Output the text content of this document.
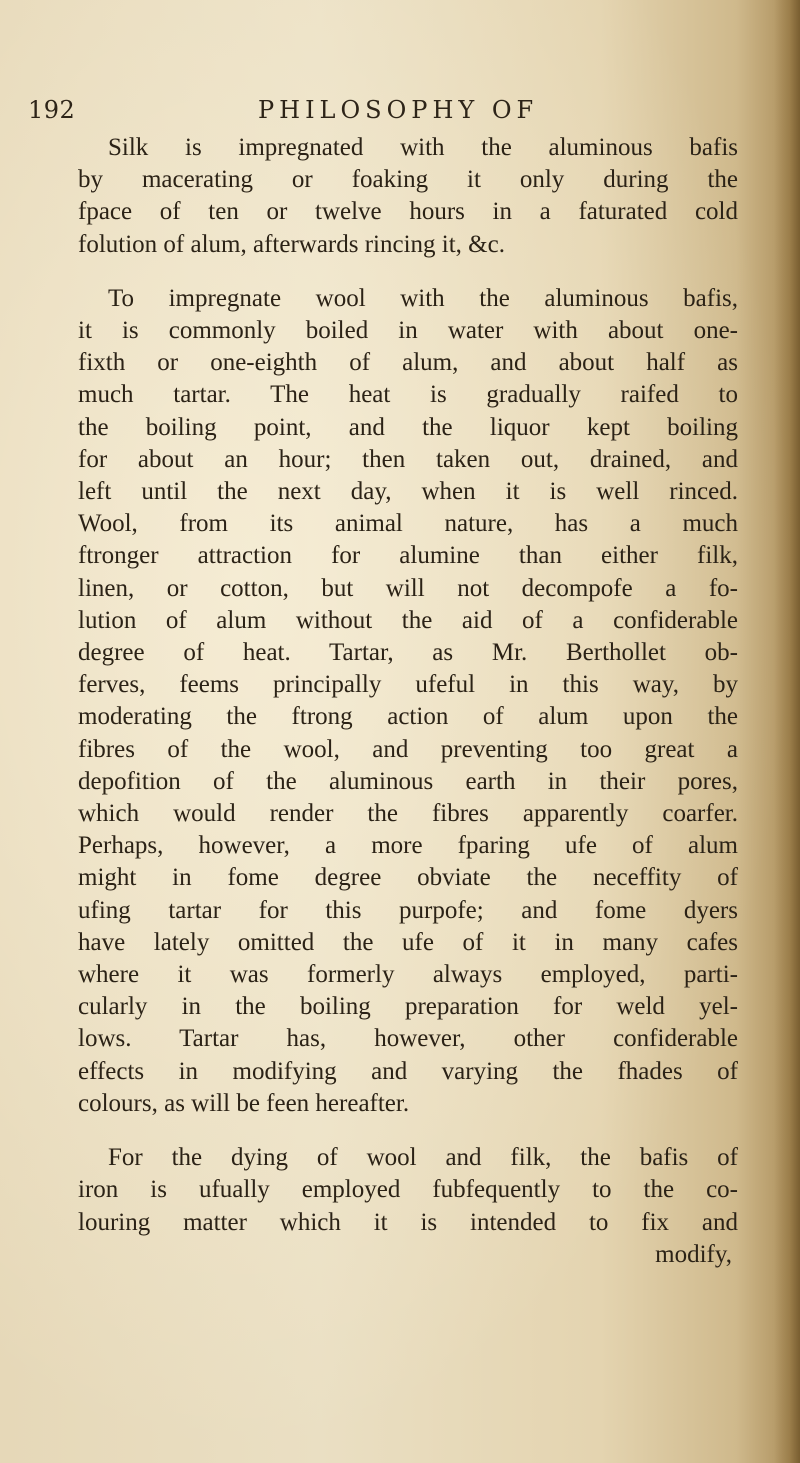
192	PHILOSOPHY OF
Silk is impregnated with the aluminous bafis
by macerating or foaking it only during the
fpace of ten or twelve hours in a faturated cold
folution of alum, afterwards rincing it, &c.
To impregnate wool with the aluminous bafis,
it is commonly boiled in water with about one-
fixth or one-eighth of alum, and about half as
much tartar. The heat is gradually raifed to
the boiling point, and the liquor kept boiling
for about an hour; then taken out, drained, and
left until the next day, when it is well rinced.
Wool, from its animal nature, has a much
ftronger attraction for alumine than either filk,
linen, or cotton, but will not decompofe a fo-
lution of alum without the aid of a confiderable
degree of heat. Tartar, as Mr. Berthollet ob-
ferves, feems principally ufeful in this way, by
moderating the ftrong action of alum upon the
fibres of the wool, and preventing too great a
depofition of the aluminous earth in their pores,
which would render the fibres apparently coarfer.
Perhaps, however, a more fparing ufe of alum
might in fome degree obviate the neceffity of
ufing tartar for this purpofe; and fome dyers
have lately omitted the ufe of it in many cafes
where it was formerly always employed, parti-
cularly in the boiling preparation for weld yel-
lows. Tartar has, however, other confiderable
effects in modifying and varying the fhades of
colours, as will be feen hereafter.
For the dying of wool and filk, the bafis of
iron is ufually employed fubfequently to the co-
louring matter which it is intended to fix and
modify,
